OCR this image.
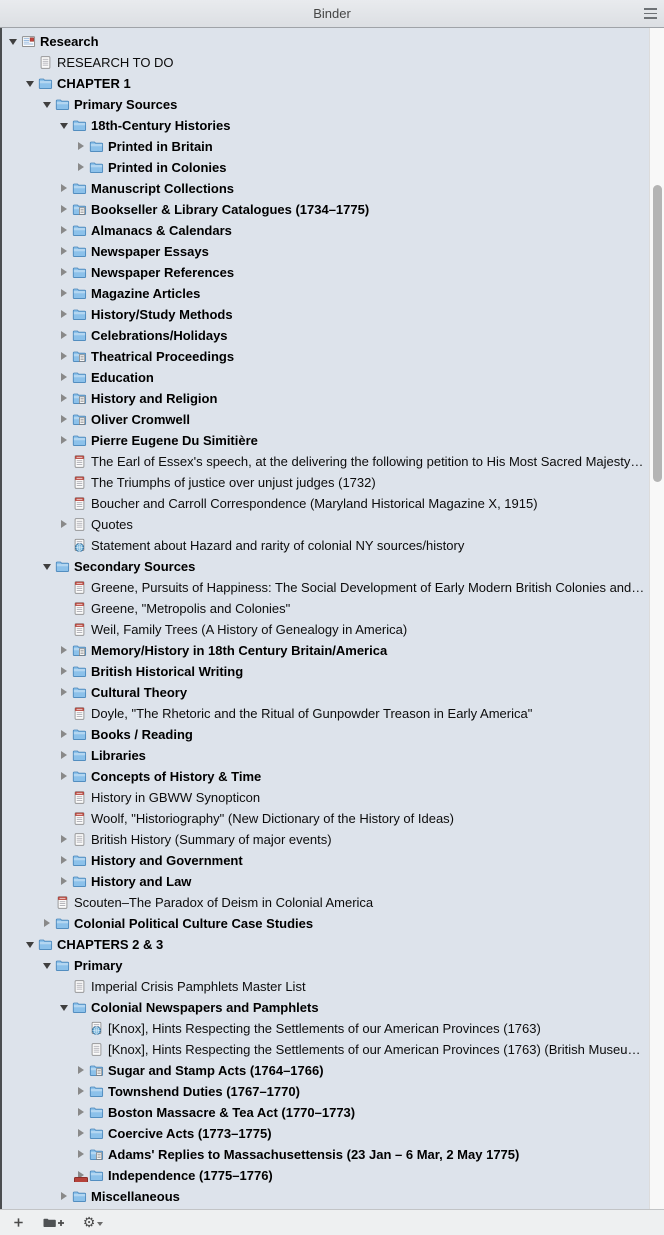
Binder
Research
RESEARCH TO DO
CHAPTER 1
Primary Sources
18th-Century Histories
Printed in Britain
Printed in Colonies
Manuscript Collections
Bookseller & Library Catalogues (1734–1775)
Almanacs & Calendars
Newspaper Essays
Newspaper References
Magazine Articles
History/Study Methods
Celebrations/Holidays
Theatrical Proceedings
Education
History and Religion
Oliver Cromwell
Pierre Eugene Du Simitière
The Earl of Essex's speech, at the delivering the following petition to His Most Sacred Majesty…
The Triumphs of justice over unjust judges (1732)
Boucher and Carroll Correspondence (Maryland Historical Magazine X, 1915)
Quotes
Statement about Hazard and rarity of colonial NY sources/history
Secondary Sources
Greene, Pursuits of Happiness: The Social Development of Early Modern British Colonies and…
Greene, "Metropolis and Colonies"
Weil, Family Trees (A History of Genealogy in America)
Memory/History in 18th Century Britain/America
British Historical Writing
Cultural Theory
Doyle, "The Rhetoric and the Ritual of Gunpowder Treason in Early America"
Books / Reading
Libraries
Concepts of History & Time
History in GBWW Synopticon
Woolf, "Historiography" (New Dictionary of the History of Ideas)
British History (Summary of major events)
History and Government
History and Law
Scouten–The Paradox of Deism in Colonial America
Colonial Political Culture Case Studies
CHAPTERS 2 & 3
Primary
Imperial Crisis Pamphlets Master List
Colonial Newspapers and Pamphlets
[Knox], Hints Respecting the Settlements of our American Provinces (1763)
[Knox], Hints Respecting the Settlements of our American Provinces (1763) (British Museu…
Sugar and Stamp Acts (1764–1766)
Townshend Duties (1767–1770)
Boston Massacre & Tea Act (1770–1773)
Coercive Acts (1773–1775)
Adams' Replies to Massachusettensis (23 Jan – 6 Mar, 2 May 1775)
Independence (1775–1776)
Miscellaneous
⚙
